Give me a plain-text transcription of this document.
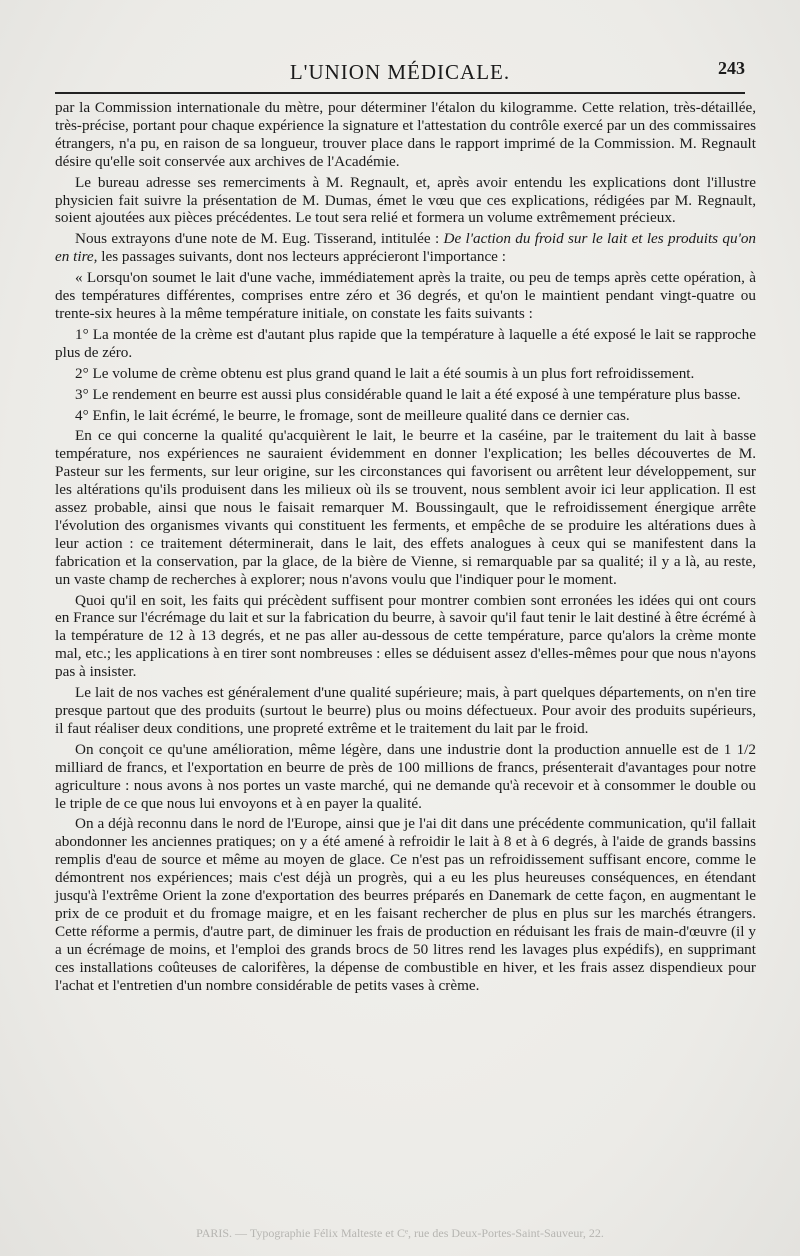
L'UNION MÉDICALE.	243

par la Commission internationale du mètre, pour déterminer l'étalon du kilogramme. Cette relation, très-détaillée, très-précise, portant pour chaque expérience la signature et l'attestation du contrôle exercé par un des commissaires étrangers, n'a pu, en raison de sa longueur, trouver place dans le rapport imprimé de la Commission. M. Regnault désire qu'elle soit conservée aux archives de l'Académie.

Le bureau adresse ses remerciments à M. Regnault, et, après avoir entendu les explications dont l'illustre physicien fait suivre la présentation de M. Dumas, émet le vœu que ces explications, rédigées par M. Regnault, soient ajoutées aux pièces précédentes. Le tout sera relié et formera un volume extrêmement précieux.

Nous extrayons d'une note de M. Eug. Tisserand, intitulée : De l'action du froid sur le lait et les produits qu'on en tire, les passages suivants, dont nos lecteurs apprécieront l'importance :

« Lorsqu'on soumet le lait d'une vache, immédiatement après la traite, ou peu de temps après cette opération, à des températures différentes, comprises entre zéro et 36 degrés, et qu'on le maintient pendant vingt-quatre ou trente-six heures à la même température initiale, on constate les faits suivants :

1° La montée de la crème est d'autant plus rapide que la température à laquelle a été exposé le lait se rapproche plus de zéro.

2° Le volume de crème obtenu est plus grand quand le lait a été soumis à un plus fort refroidissement.

3° Le rendement en beurre est aussi plus considérable quand le lait a été exposé à une température plus basse.

4° Enfin, le lait écrémé, le beurre, le fromage, sont de meilleure qualité dans ce dernier cas.

En ce qui concerne la qualité qu'acquièrent le lait, le beurre et la caséine, par le traitement du lait à basse température, nos expériences ne sauraient évidemment en donner l'explication; les belles découvertes de M. Pasteur sur les ferments, sur leur origine, sur les circonstances qui favorisent ou arrêtent leur développement, sur les altérations qu'ils produisent dans les milieux où ils se trouvent, nous semblent avoir ici leur application. Il est assez probable, ainsi que nous le faisait remarquer M. Boussingault, que le refroidissement énergique arrête l'évolution des organismes vivants qui constituent les ferments, et empêche de se produire les altérations dues à leur action : ce traitement déterminerait, dans le lait, des effets analogues à ceux qui se manifestent dans la fabrication et la conservation, par la glace, de la bière de Vienne, si remarquable par sa qualité; il y a là, au reste, un vaste champ de recherches à explorer; nous n'avons voulu que l'indiquer pour le moment.

Quoi qu'il en soit, les faits qui précèdent suffisent pour montrer combien sont erronées les idées qui ont cours en France sur l'écrémage du lait et sur la fabrication du beurre, à savoir qu'il faut tenir le lait destiné à être écrémé à la température de 12 à 13 degrés, et ne pas aller au-dessous de cette température, parce qu'alors la crème monte mal, etc.; les applications à en tirer sont nombreuses : elles se déduisent assez d'elles-mêmes pour que nous n'ayons pas à insister.

Le lait de nos vaches est généralement d'une qualité supérieure; mais, à part quelques départements, on n'en tire presque partout que des produits (surtout le beurre) plus ou moins défectueux. Pour avoir des produits supérieurs, il faut réaliser deux conditions, une propreté extrême et le traitement du lait par le froid.

On conçoit ce qu'une amélioration, même légère, dans une industrie dont la production annuelle est de 1 1/2 milliard de francs, et l'exportation en beurre de près de 100 millions de francs, présenterait d'avantages pour notre agriculture : nous avons à nos portes un vaste marché, qui ne demande qu'à recevoir et à consommer le double ou le triple de ce que nous lui envoyons et à en payer la qualité.

On a déjà reconnu dans le nord de l'Europe, ainsi que je l'ai dit dans une précédente communication, qu'il fallait abondonner les anciennes pratiques; on y a été amené à refroidir le lait à 8 et à 6 degrés, à l'aide de grands bassins remplis d'eau de source et même au moyen de glace. Ce n'est pas un refroidissement suffisant encore, comme le démontrent nos expériences; mais c'est déjà un progrès, qui a eu les plus heureuses conséquences, en étendant jusqu'à l'extrême Orient la zone d'exportation des beurres préparés en Danemark de cette façon, en augmentant le prix de ce produit et du fromage maigre, et en les faisant rechercher de plus en plus sur les marchés étrangers. Cette réforme a permis, d'autre part, de diminuer les frais de production en réduisant les frais de main-d'œuvre (il y a un écrémage de moins, et l'emploi des grands brocs de 50 litres rend les lavages plus expédifs), en supprimant ces installations coûteuses de calorifères, la dépense de combustible en hiver, et les frais assez dispendieux pour l'achat et l'entretien d'un nombre considérable de petits vases à crème.

PARIS. — Typographie Félix Malteste et Cᵉ, rue des Deux-Portes-Saint-Sauveur, 22.
